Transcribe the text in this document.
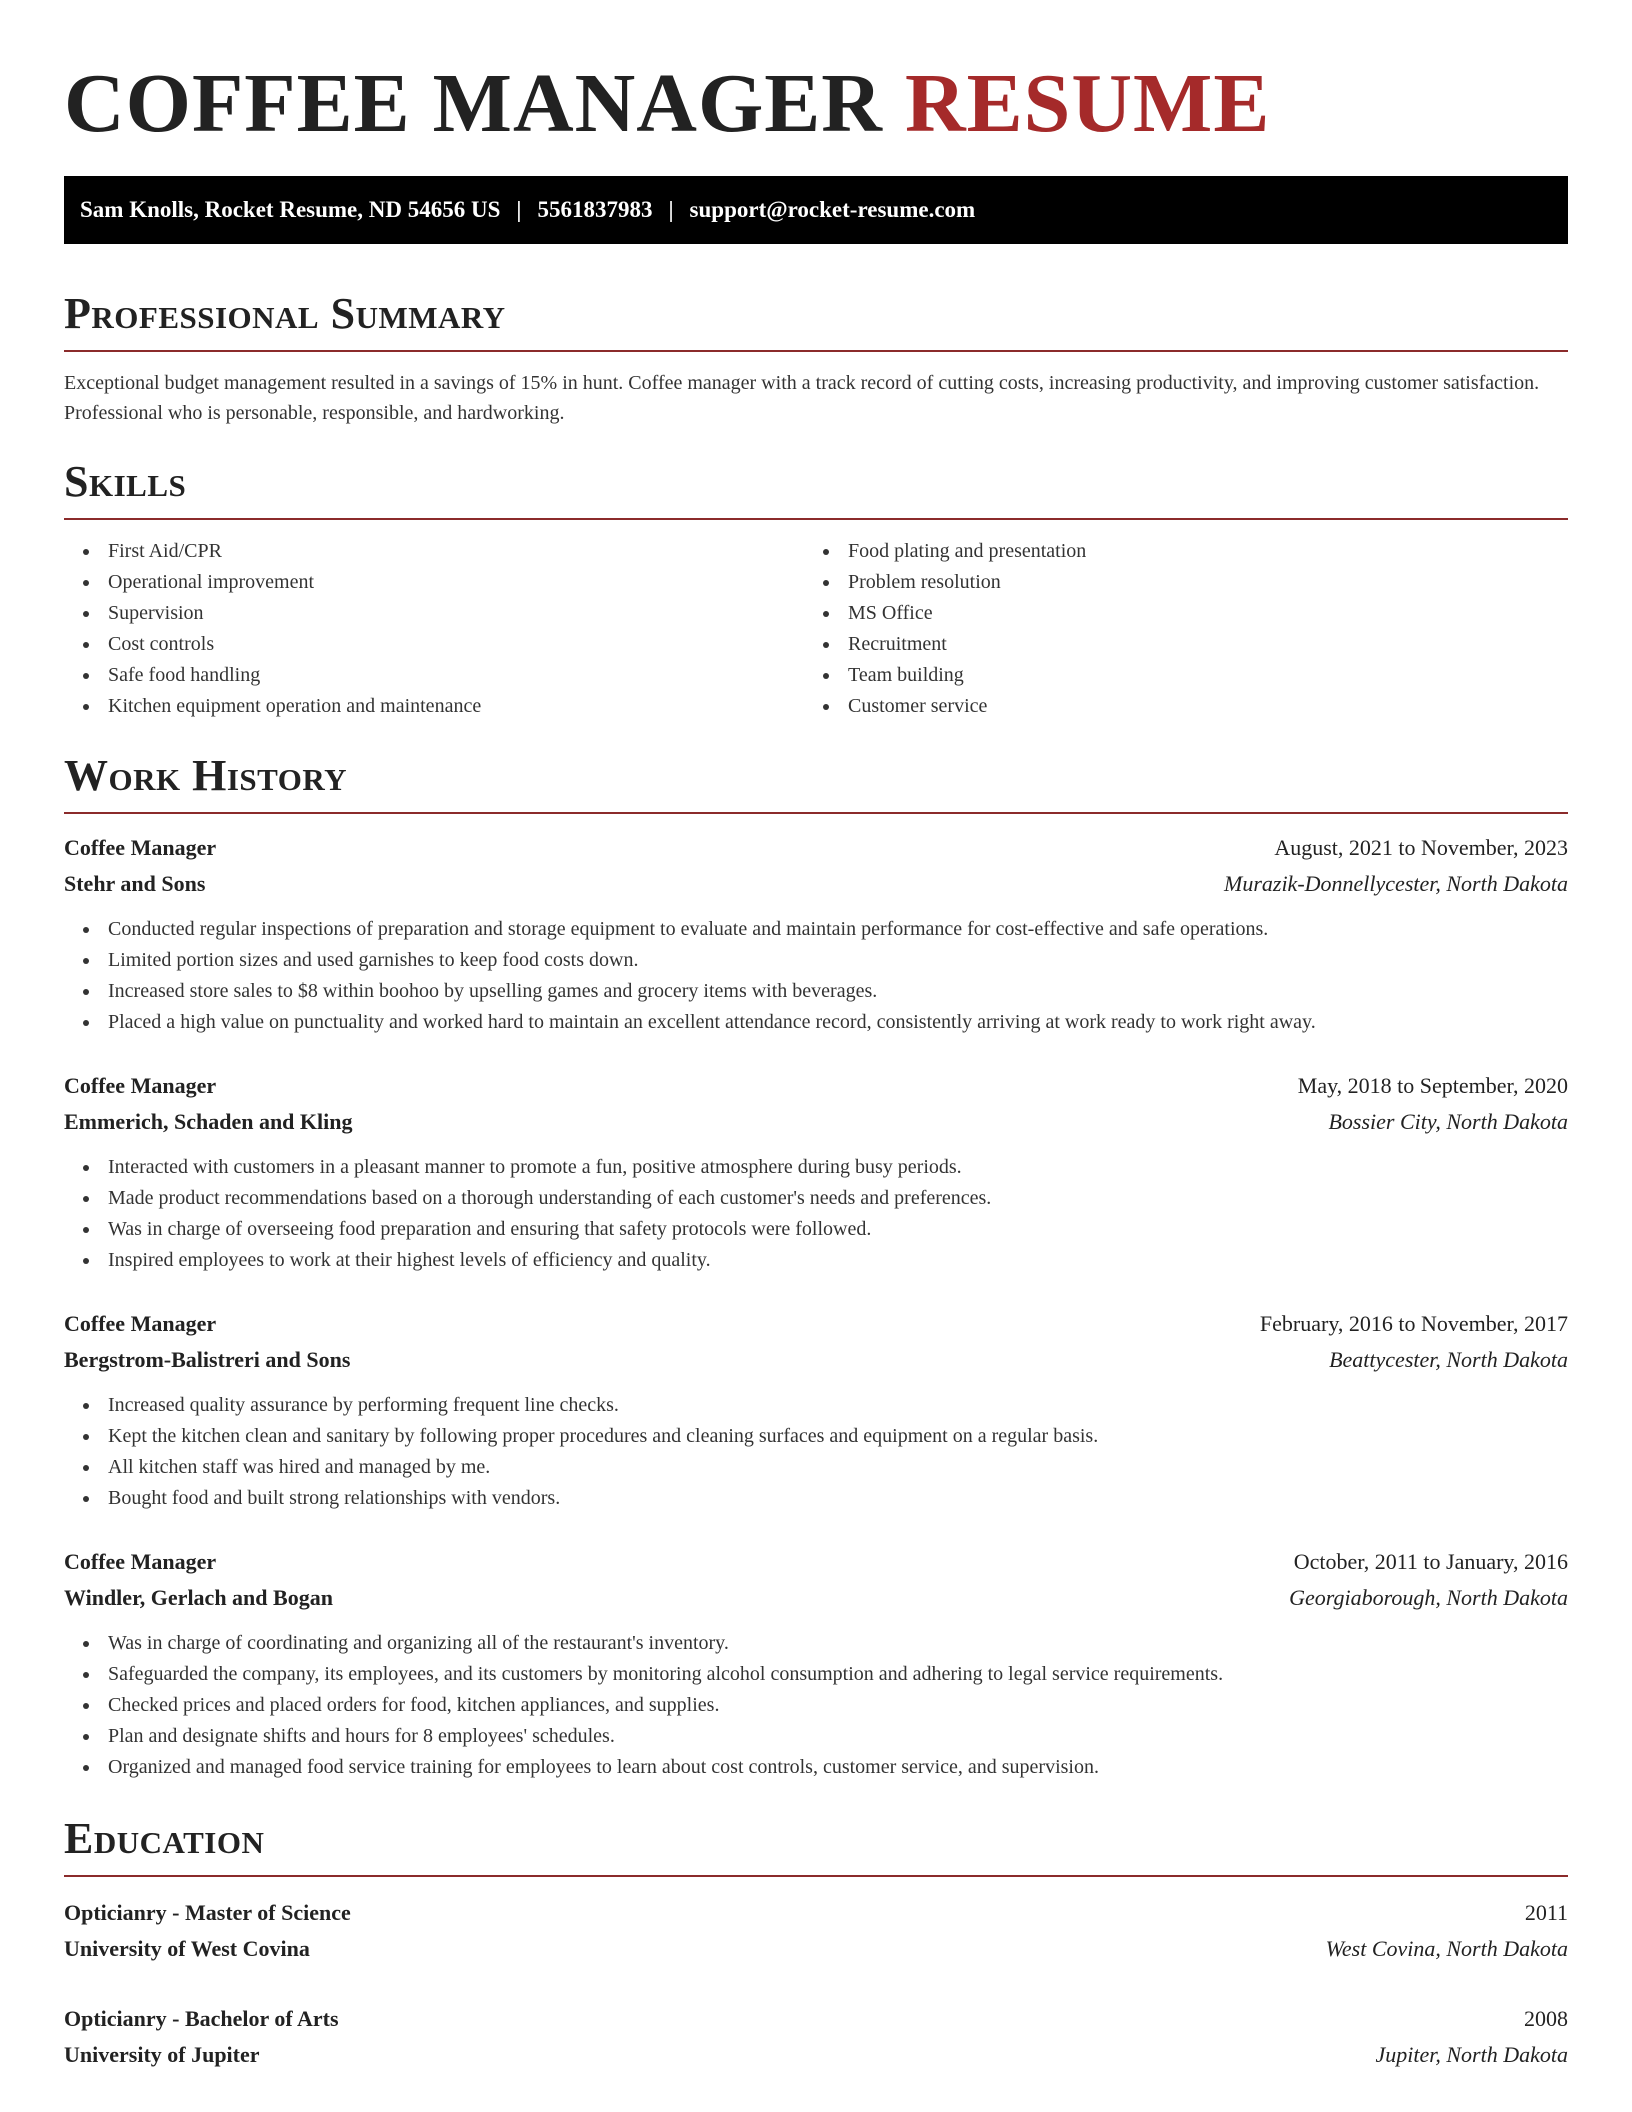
COFFEE MANAGER RESUME
Sam Knolls, Rocket Resume, ND 54656 US | 5561837983 | support@rocket-resume.com
Professional Summary

Exceptional budget management resulted in a savings of 15% in hunt. Coffee manager with a track record of cutting costs, increasing productivity, and improving customer satisfaction. Professional who is personable, responsible, and hardworking.

Skills
First Aid/CPR
Operational improvement
Supervision
Cost controls
Safe food handling
Kitchen equipment operation and maintenance
Food plating and presentation
Problem resolution
MS Office
Recruitment
Team building
Customer service
Work History
Coffee Manager	August, 2021 to November, 2023
Stehr and Sons	Murazik-Donnellycester, North Dakota
Conducted regular inspections of preparation and storage equipment to evaluate and maintain performance for cost-effective and safe operations.
Limited portion sizes and used garnishes to keep food costs down.
Increased store sales to $8 within boohoo by upselling games and grocery items with beverages.
Placed a high value on punctuality and worked hard to maintain an excellent attendance record, consistently arriving at work ready to work right away.
Coffee Manager	May, 2018 to September, 2020
Emmerich, Schaden and Kling	Bossier City, North Dakota
Interacted with customers in a pleasant manner to promote a fun, positive atmosphere during busy periods.
Made product recommendations based on a thorough understanding of each customer's needs and preferences.
Was in charge of overseeing food preparation and ensuring that safety protocols were followed.
Inspired employees to work at their highest levels of efficiency and quality.
Coffee Manager	February, 2016 to November, 2017
Bergstrom-Balistreri and Sons	Beattycester, North Dakota
Increased quality assurance by performing frequent line checks.
Kept the kitchen clean and sanitary by following proper procedures and cleaning surfaces and equipment on a regular basis.
All kitchen staff was hired and managed by me.
Bought food and built strong relationships with vendors.
Coffee Manager	October, 2011 to January, 2016
Windler, Gerlach and Bogan	Georgiaborough, North Dakota
Was in charge of coordinating and organizing all of the restaurant's inventory.
Safeguarded the company, its employees, and its customers by monitoring alcohol consumption and adhering to legal service requirements.
Checked prices and placed orders for food, kitchen appliances, and supplies.
Plan and designate shifts and hours for 8 employees' schedules.
Organized and managed food service training for employees to learn about cost controls, customer service, and supervision.
Education
Opticianry - Master of Science	2011
University of West Covina	West Covina, North Dakota
Opticianry - Bachelor of Arts	2008
University of Jupiter	Jupiter, North Dakota
